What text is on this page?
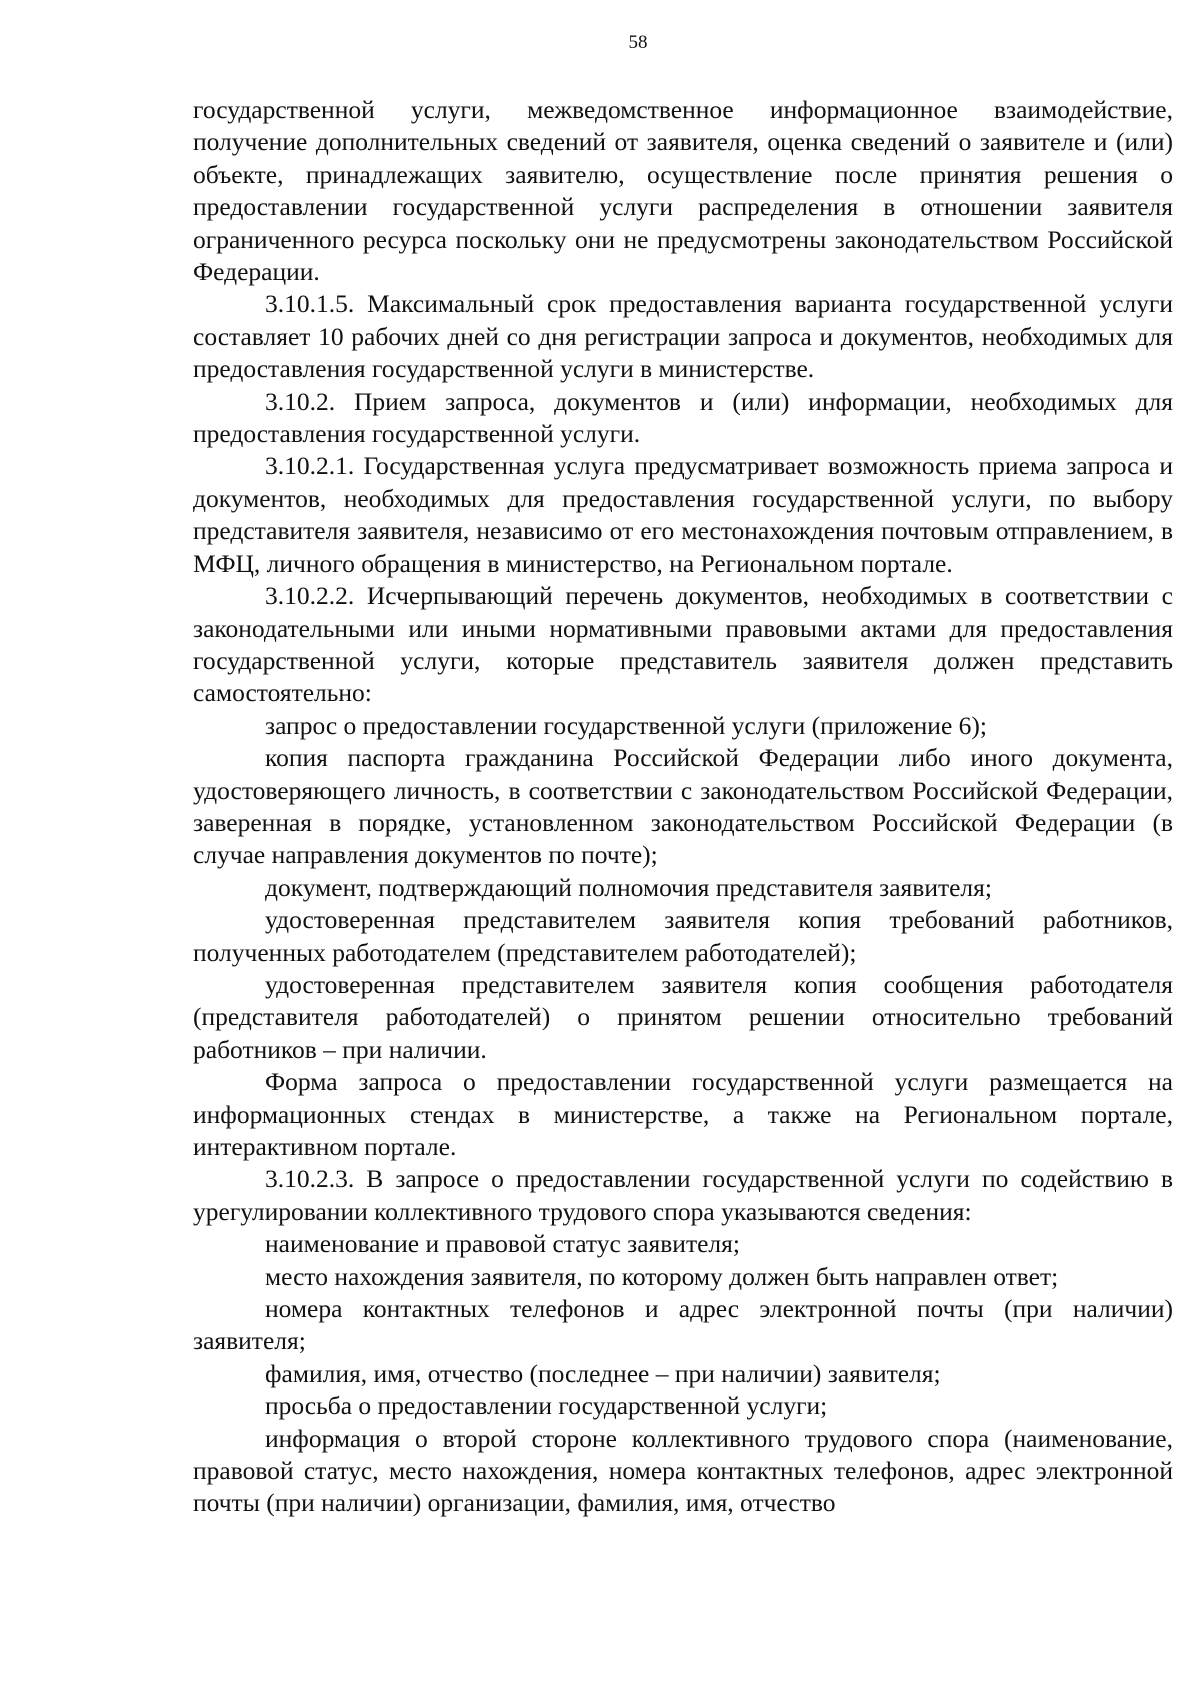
58

государственной услуги, межведомственное информационное взаимодействие, получение дополнительных сведений от заявителя, оценка сведений о заявителе и (или) объекте, принадлежащих заявителю, осуществление после принятия решения о предоставлении государственной услуги распределения в отношении заявителя ограниченного ресурса поскольку они не предусмотрены законодательством Российской Федерации.

3.10.1.5. Максимальный срок предоставления варианта государственной услуги составляет 10 рабочих дней со дня регистрации запроса и документов, необходимых для предоставления государственной услуги в министерстве.

3.10.2. Прием запроса, документов и (или) информации, необходимых для предоставления государственной услуги.

3.10.2.1. Государственная услуга предусматривает возможность приема запроса и документов, необходимых для предоставления государственной услуги, по выбору представителя заявителя, независимо от его местонахождения почтовым отправлением, в МФЦ, личного обращения в министерство, на Региональном портале.

3.10.2.2. Исчерпывающий перечень документов, необходимых в соответствии с законодательными или иными нормативными правовыми актами для предоставления государственной услуги, которые представитель заявителя должен представить самостоятельно:

запрос о предоставлении государственной услуги (приложение 6);

копия паспорта гражданина Российской Федерации либо иного документа, удостоверяющего личность, в соответствии с законодательством Российской Федерации, заверенная в порядке, установленном законодательством Российской Федерации (в случае направления документов по почте);

документ, подтверждающий полномочия представителя заявителя;

удостоверенная представителем заявителя копия требований работников, полученных работодателем (представителем работодателей);

удостоверенная представителем заявителя копия сообщения работодателя (представителя работодателей) о принятом решении относительно требований работников – при наличии.

Форма запроса о предоставлении государственной услуги размещается на информационных стендах в министерстве, а также на Региональном портале, интерактивном портале.

3.10.2.3. В запросе о предоставлении государственной услуги по содействию в урегулировании коллективного трудового спора указываются сведения:

наименование и правовой статус заявителя;

место нахождения заявителя, по которому должен быть направлен ответ;

номера контактных телефонов и адрес электронной почты (при наличии) заявителя;

фамилия, имя, отчество (последнее – при наличии) заявителя;

просьба о предоставлении государственной услуги;

информация о второй стороне коллективного трудового спора (наименование, правовой статус, место нахождения, номера контактных телефонов, адрес электронной почты (при наличии) организации, фамилия, имя, отчество
